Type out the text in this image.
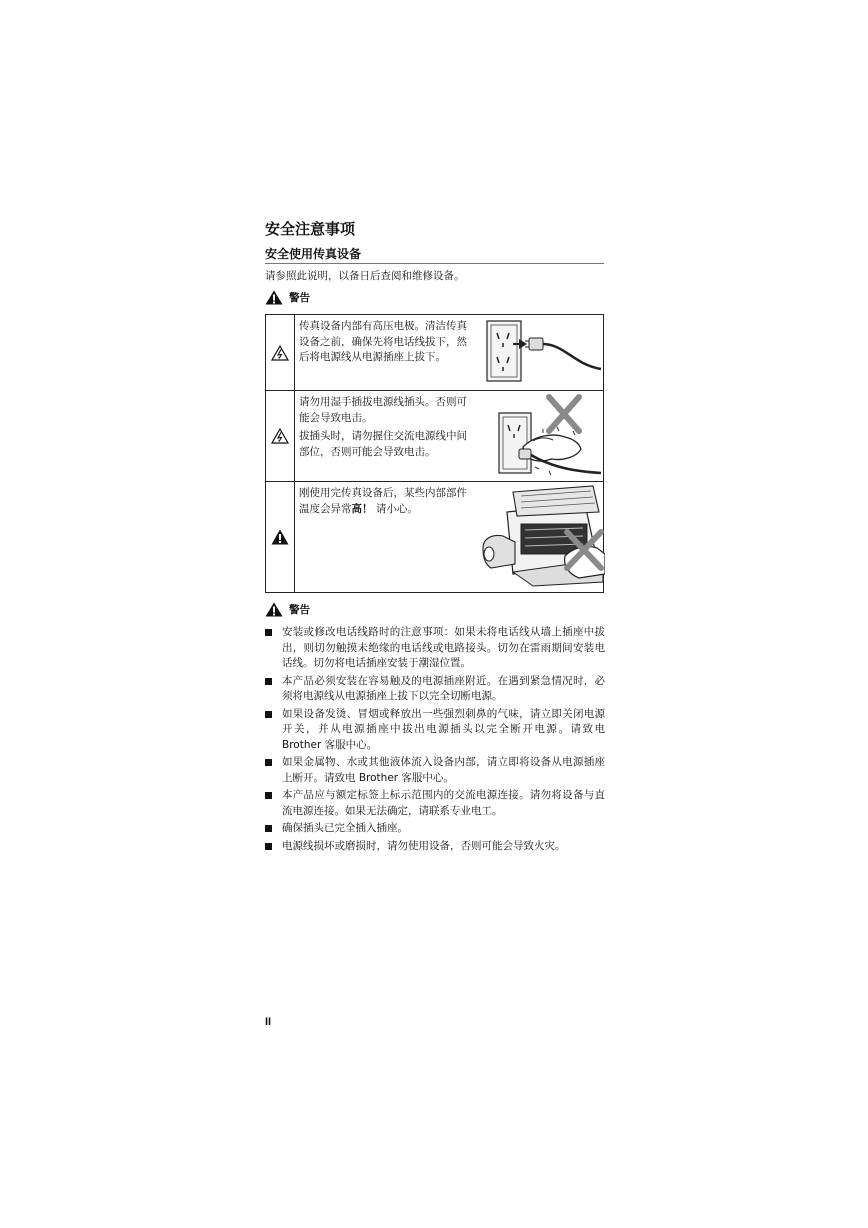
安全注意事项
安全使用传真设备

请参照此说明，以备日后查阅和维修设备。

警告

传真设备内部有高压电极。清洁传真设备之前，确保先将电话线拔下，然后将电源线从电源插座上拔下。

请勿用湿手插拔电源线插头。否则可能会导致电击。

拔插头时，请勿握住交流电源线中间部位，否则可能会导致电击。

刚使用完传真设备后，某些内部部件温度会异常高！ 请小心。

警告
安装或修改电话线路时的注意事项：如果未将电话线从墙上插座中拔出，则切勿触摸未绝缘的电话线或电路接头。切勿在雷雨期间安装电话线。切勿将电话插座安装于潮湿位置。
本产品必须安装在容易触及的电源插座附近。在遇到紧急情况时，必须将电源线从电源插座上拔下以完全切断电源。
如果设备发烫、冒烟或释放出一些强烈刺鼻的气味，请立即关闭电源开关，并从电源插座中拔出电源插头以完全断开电源。请致电 Brother 客服中心。
如果金属物、水或其他液体流入设备内部，请立即将设备从电源插座上断开。请致电 Brother 客服中心。
本产品应与额定标签上标示范围内的交流电源连接。请勿将设备与直流电源连接。如果无法确定，请联系专业电工。
确保插头已完全插入插座。
电源线损坏或磨损时，请勿使用设备，否则可能会导致火灾。
II
